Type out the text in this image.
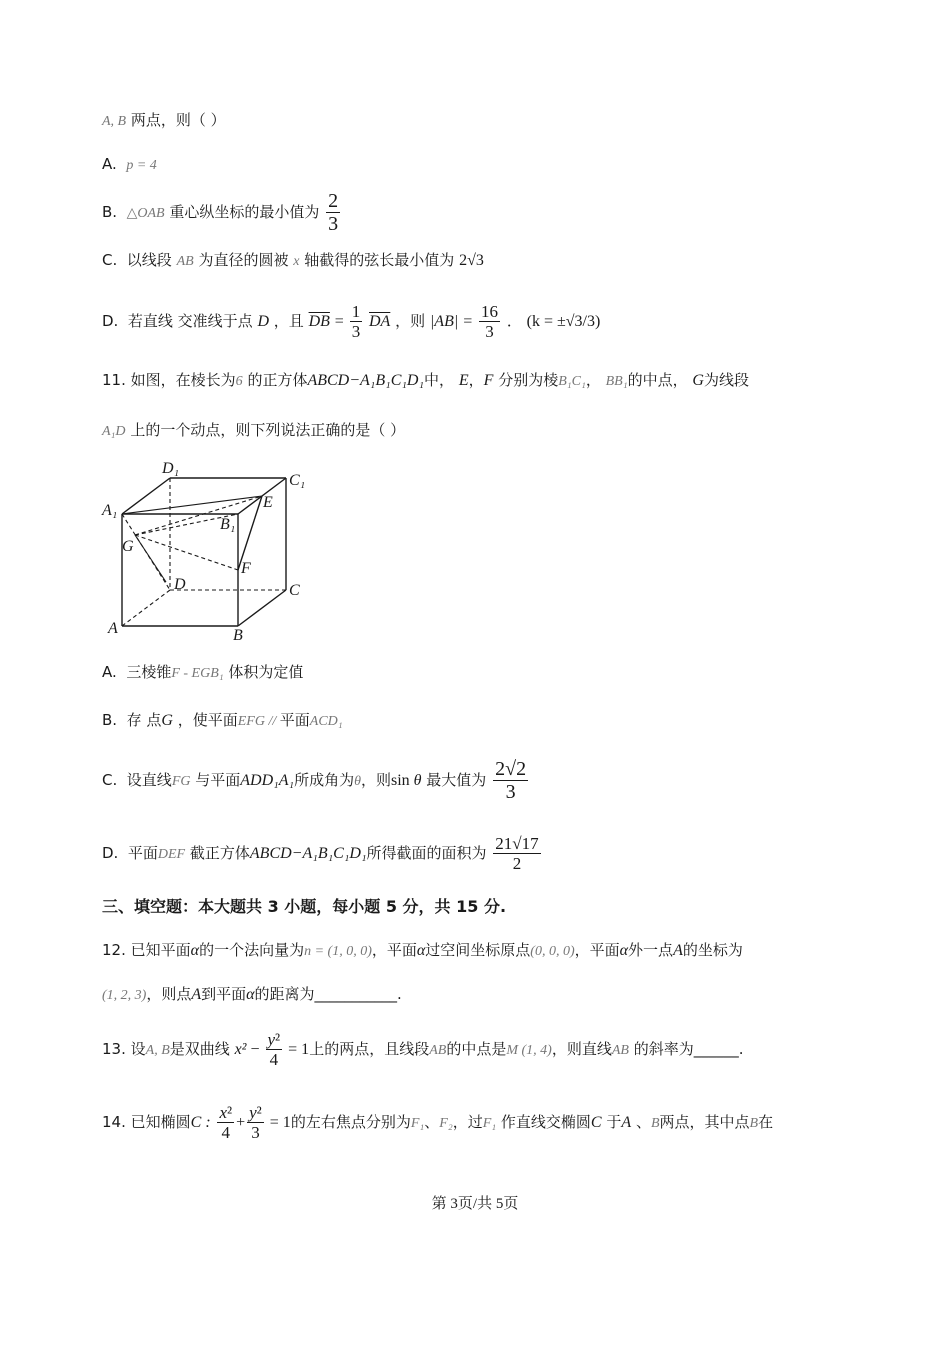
A, B 两点，则（ ）
A. p = 4
B. △OAB 重心纵坐标的最小值为 $\frac{2}{3}$
C. 以线段 AB 为直径的圆被 x 轴截得的弦长最小值为 2√3
D. 若直线 交准线于点 D ，且 $\overline{DB} = \frac{1}{3} \overline{DA}$ ，则 $|AB| = \frac{16}{3}$ ． (k = ±√3/3)
11. 如图，在棱长为6 的正方体ABCD−A₁B₁C₁D₁中， E，F 分别为棱B₁C₁， BB₁的中点， G为线段
A₁D 上的一个动点，则下列说法正确的是（ ）
D₁
C₁
A₁
B₁
E
G
F
D	C
A	B
A. 三棱锥F - EGB₁ 体积为定值
B. 存 点G ，使平面EFG // 平面ACD₁
C. 设直线FG 与平面ADD₁A₁所成角为θ，则sin θ 最大值为 $\frac{2√2}{3}$
D. 平面DEF 截正方体ABCD−A₁B₁C₁D₁所得截面的面积为 $\frac{21√17}{2}$
三、填空题：本大题共 3 小题，每小题 5 分，共 15 分.
12. 已知平面α的一个法向量为n = (1, 0, 0)，平面α过空间坐标原点(0, 0, 0)，平面α外一点A的坐标为
(1, 2, 3)，则点A到平面α的距离为___________.
13. 设A, B是双曲线 $x^2 - \frac{\text{y²}}{4} = 1$上的两点，且线段AB的中点是M (1, 4)，则直线AB 的斜率为______.
14. 已知椭圆C : $\frac{\text{x²}}{4} + \frac{\text{y²}}{3} = 1$的左右焦点分别为F₁、F₂，过F₁ 作直线交椭圆C 于A 、B两点，其中点B在
第 3页/共 5页
